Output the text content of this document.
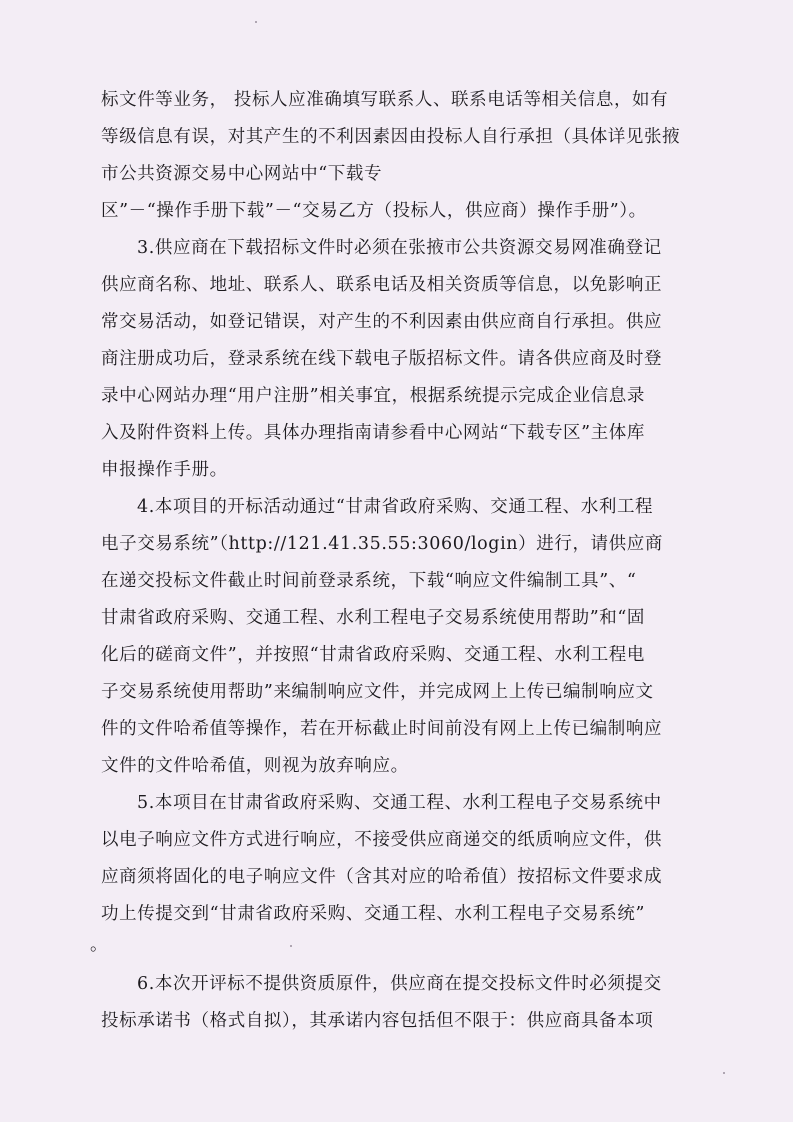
标文件等业务， 投标人应准确填写联系人、联系电话等相关信息，如有
等级信息有误，对其产生的不利因素因由投标人自行承担（具体详见张掖
市公共资源交易中心网站中“下载专
区”－“操作手册下载”－“交易乙方（投标人，供应商）操作手册”）。
3.供应商在下载招标文件时必须在张掖市公共资源交易网准确登记
供应商名称、地址、联系人、联系电话及相关资质等信息，以免影响正
常交易活动，如登记错误，对产生的不利因素由供应商自行承担。供应
商注册成功后，登录系统在线下载电子版招标文件。请各供应商及时登
录中心网站办理“用户注册”相关事宜，根据系统提示完成企业信息录
入及附件资料上传。具体办理指南请参看中心网站“下载专区”主体库
申报操作手册。
4.本项目的开标活动通过“甘肃省政府采购、交通工程、水利工程
电子交易系统”（http://121.41.35.55:3060/login）进行，请供应商
在递交投标文件截止时间前登录系统，下载“响应文件编制工具”、“
甘肃省政府采购、交通工程、水利工程电子交易系统使用帮助”和“固
化后的磋商文件”，并按照“甘肃省政府采购、交通工程、水利工程电
子交易系统使用帮助”来编制响应文件，并完成网上上传已编制响应文
件的文件哈希值等操作，若在开标截止时间前没有网上上传已编制响应
文件的文件哈希值，则视为放弃响应。
5.本项目在甘肃省政府采购、交通工程、水利工程电子交易系统中
以电子响应文件方式进行响应，不接受供应商递交的纸质响应文件，供
应商须将固化的电子响应文件（含其对应的哈希值）按招标文件要求成
功上传提交到“甘肃省政府采购、交通工程、水利工程电子交易系统”
。
6.本次开评标不提供资质原件，供应商在提交投标文件时必须提交
投标承诺书（格式自拟），其承诺内容包括但不限于：供应商具备本项
